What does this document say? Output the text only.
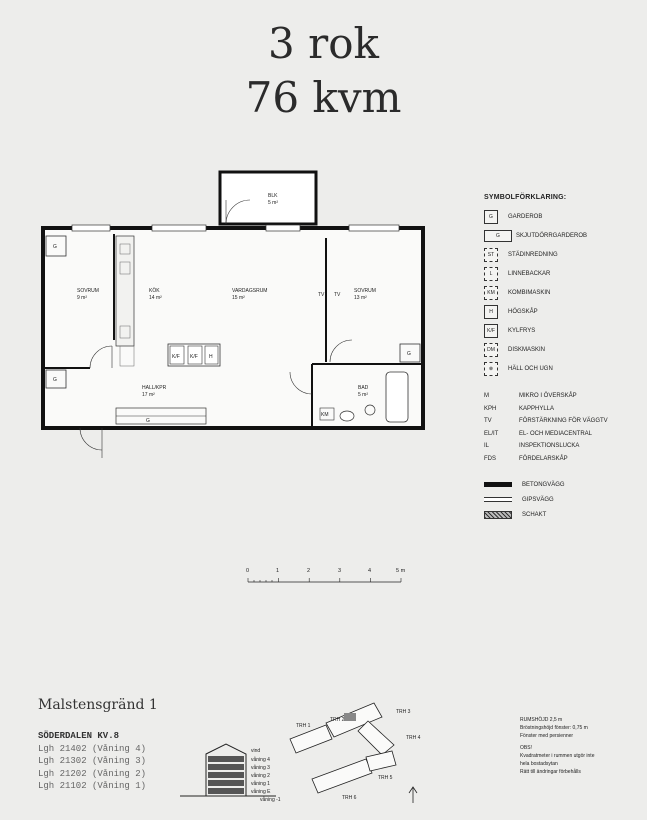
3 rok
76 kvm
G
G
G
G
K/F K/F H
KM
TV TV
BLK
5 m²
SOVRUM
9 m²
KÖK
14 m²
VARDAGSRUM
15 m²
SOVRUM
13 m²
HALL/KPR
17 m²
BAD
5 m²
SYMBOLFÖRKLARING:
G	GARDEROB
G	SKJUTDÖRRGARDEROB
ST	STÄDINREDNING
L	LINNEBACKAR
KM	KOMBIMASKIN
H	HÖGSKÅP
K/F	KYLFRYS
DM	DISKMASKIN
⊗	HÄLL OCH UGN
M	MIKRO I ÖVERSKÅP
KPH	KAPPHYLLA
TV	FÖRSTÄRKNING FÖR VÄGGTV
EL/IT	EL- OCH MEDIACENTRAL
IL	INSPEKTIONSLUCKA
FDS	FÖRDELARSKÅP
BETONGVÄGG
GIPSVÄGG
SCHAKT
0	1	2	3	4	5 m
Malstensgränd 1
SÖDERDALEN KV.8
Lgh 21402 (Våning 4)
Lgh 21302 (Våning 3)
Lgh 21202 (Våning 2)
Lgh 21102 (Våning 1)
vind
våning 4
våning 3
våning 2
våning 1
våning E
våning -1
TRH 1
TRH 2
TRH 3
TRH 4
TRH 5
TRH 6
RUMSHÖJD 2,5 m
Bröstningshöjd fönster: 0,75 m
Fönster med persienner
OBS!
Kvadratmeter i rummen utgör inte
hela bostadsytan
Rätt till ändringar förbehålls
